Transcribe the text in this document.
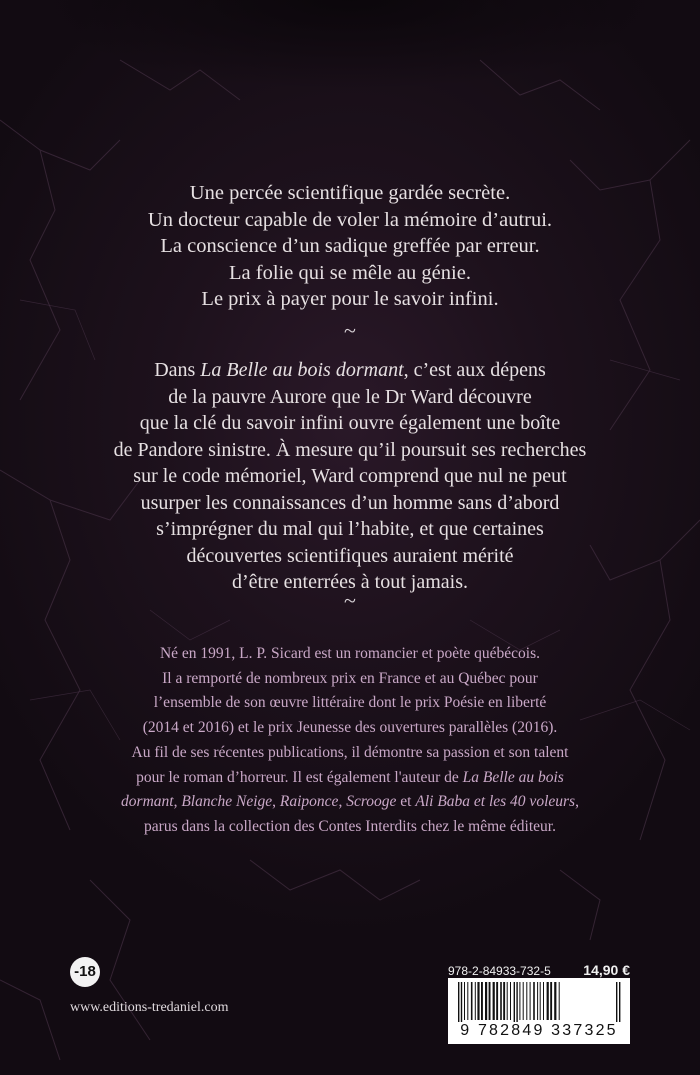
Une percée scientifique gardée secrète.
Un docteur capable de voler la mémoire d’autrui.
La conscience d’un sadique greffée par erreur.
La folie qui se mêle au génie.
Le prix à payer pour le savoir infini.
~
Dans La Belle au bois dormant, c’est aux dépens
de la pauvre Aurore que le Dr Ward découvre
que la clé du savoir infini ouvre également une boîte
de Pandore sinistre. À mesure qu’il poursuit ses recherches
sur le code mémoriel, Ward comprend que nul ne peut
usurper les connaissances d’un homme sans d’abord
s’imprégner du mal qui l’habite, et que certaines
découvertes scientifiques auraient mérité
d’être enterrées à tout jamais.
~
Né en 1991, L. P. Sicard est un romancier et poète québécois.
Il a remporté de nombreux prix en France et au Québec pour
l’ensemble de son œuvre littéraire dont le prix Poésie en liberté
(2014 et 2016) et le prix Jeunesse des ouvertures parallèles (2016).
Au fil de ses récentes publications, il démontre sa passion et son talent
pour le roman d’horreur. Il est également l'auteur de La Belle au bois
dormant, Blanche Neige, Raiponce, Scrooge et Ali Baba et les 40 voleurs,
parus dans la collection des Contes Interdits chez le même éditeur.
-18
www.editions-tredaniel.com
978-2-84933-732-5 14,90 €
9 782849 337325
